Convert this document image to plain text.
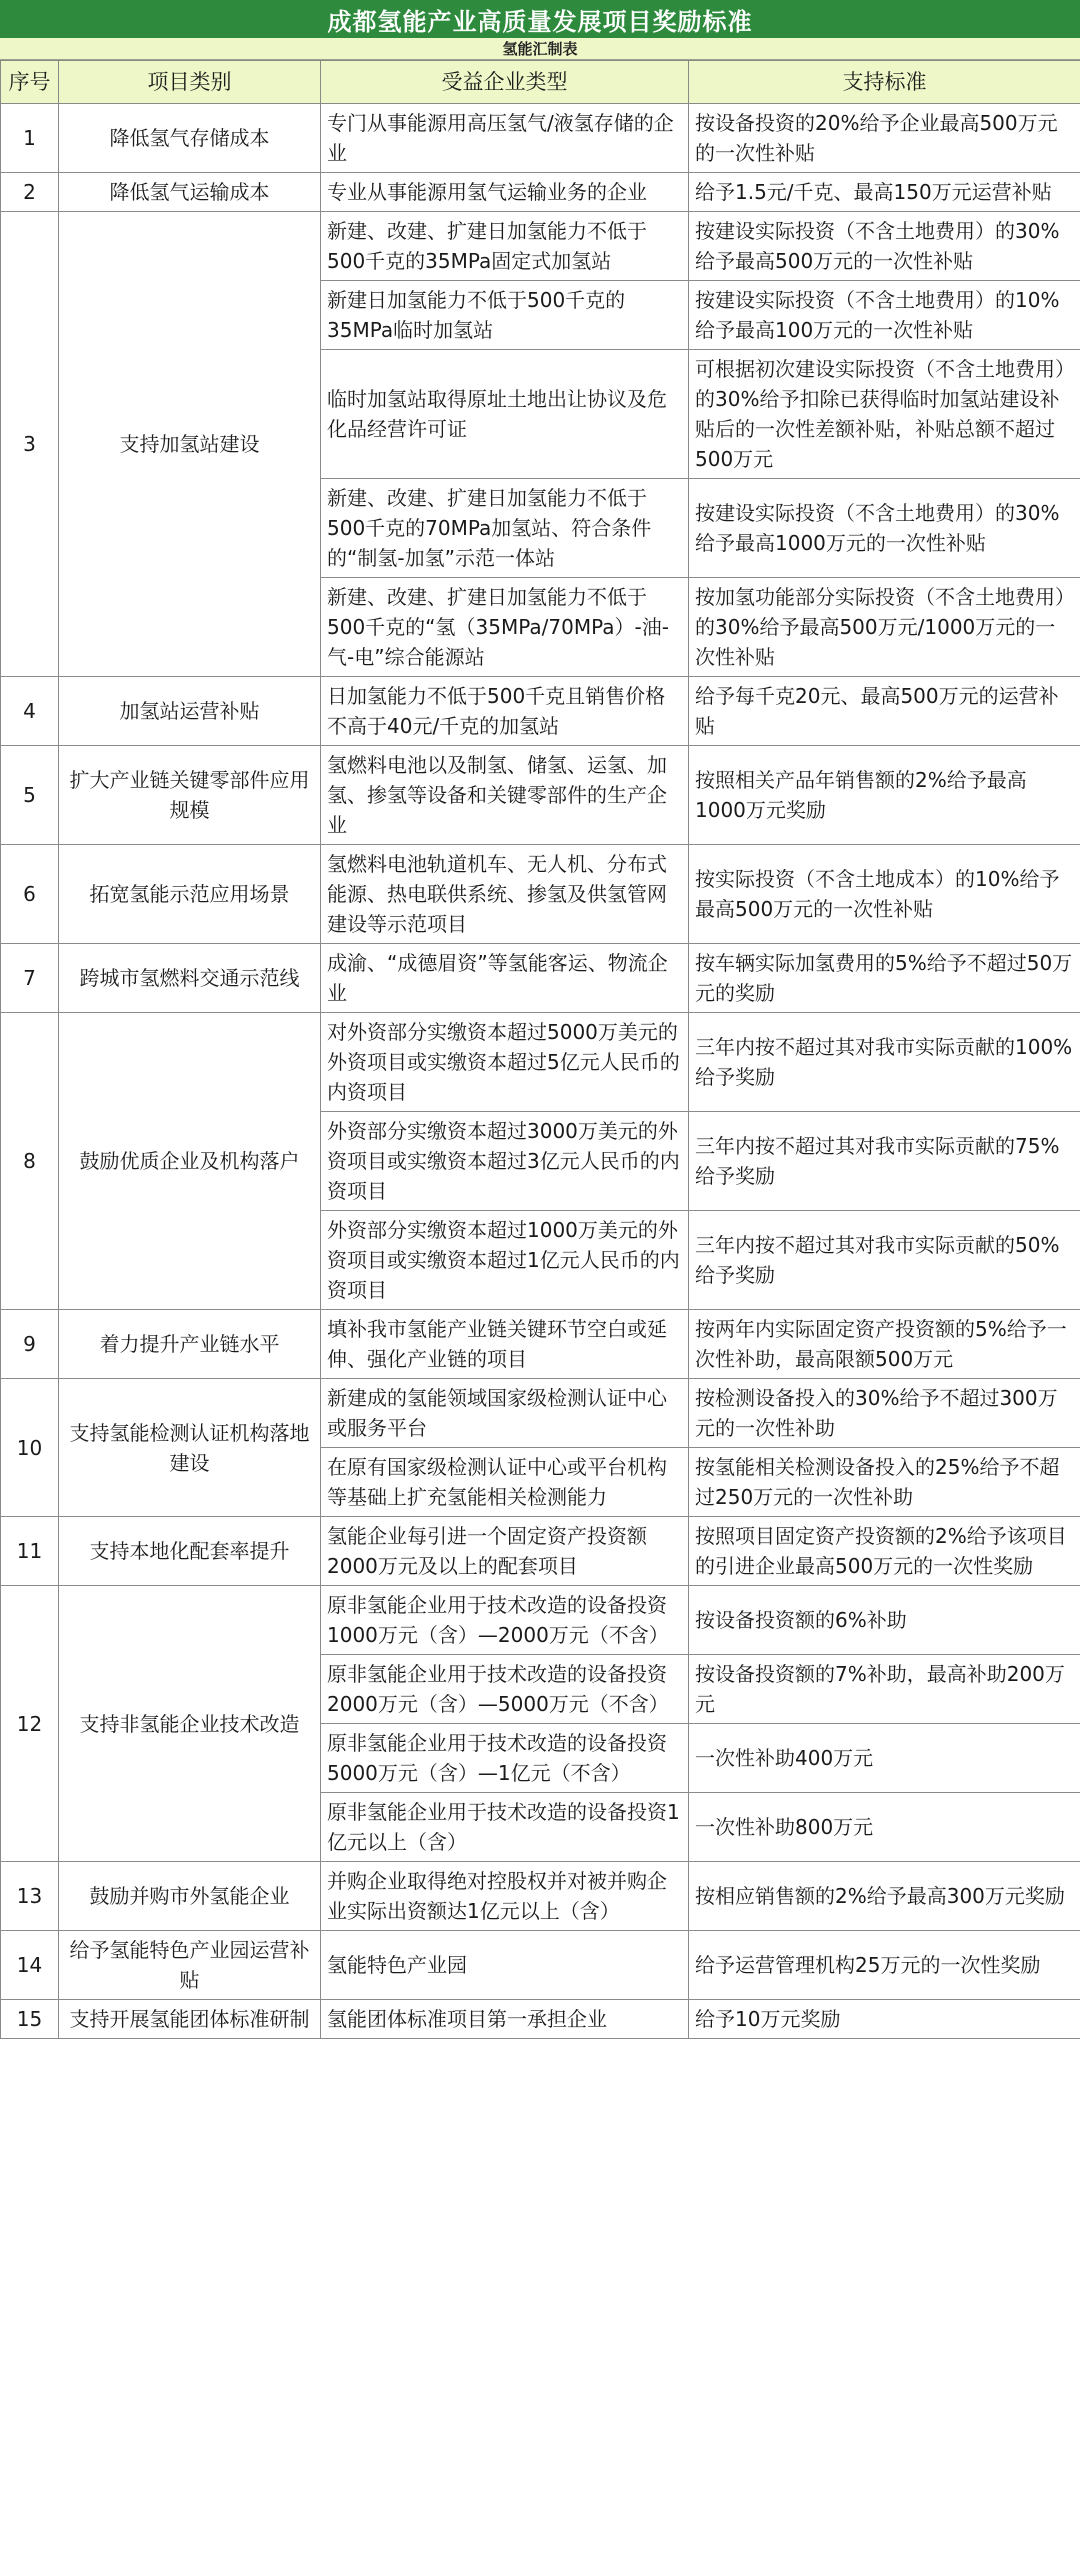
成都氢能产业高质量发展项目奖励标准
氢能汇制表
序号	项目类别	受益企业类型	支持标准
1	降低氢气存储成本	专门从事能源用高压氢气/液氢存储的企业	按设备投资的20%给予企业最高500万元的一次性补贴
2	降低氢气运输成本	专业从事能源用氢气运输业务的企业	给予1.5元/千克、最高150万元运营补贴
3	支持加氢站建设	新建、改建、扩建日加氢能力不低于500千克的35MPa固定式加氢站	按建设实际投资（不含土地费用）的30%给予最高500万元的一次性补贴
		新建日加氢能力不低于500千克的35MPa临时加氢站	按建设实际投资（不含土地费用）的10%给予最高100万元的一次性补贴
		临时加氢站取得原址土地出让协议及危化品经营许可证	可根据初次建设实际投资（不含土地费用）的30%给予扣除已获得临时加氢站建设补贴后的一次性差额补贴，补贴总额不超过500万元
		新建、改建、扩建日加氢能力不低于500千克的70MPa加氢站、符合条件的“制氢-加氢”示范一体站	按建设实际投资（不含土地费用）的30%给予最高1000万元的一次性补贴
		新建、改建、扩建日加氢能力不低于500千克的“氢（35MPa/70MPa）-油-气-电”综合能源站	按加氢功能部分实际投资（不含土地费用）的30%给予最高500万元/1000万元的一次性补贴
4	加氢站运营补贴	日加氢能力不低于500千克且销售价格不高于40元/千克的加氢站	给予每千克20元、最高500万元的运营补贴
5	扩大产业链关键零部件应用规模	氢燃料电池以及制氢、储氢、运氢、加氢、掺氢等设备和关键零部件的生产企业	按照相关产品年销售额的2%给予最高1000万元奖励
6	拓宽氢能示范应用场景	氢燃料电池轨道机车、无人机、分布式能源、热电联供系统、掺氢及供氢管网建设等示范项目	按实际投资（不含土地成本）的10%给予最高500万元的一次性补贴
7	跨城市氢燃料交通示范线	成渝、“成德眉资”等氢能客运、物流企业	按车辆实际加氢费用的5%给予不超过50万元的奖励
8	鼓励优质企业及机构落户	对外资部分实缴资本超过5000万美元的外资项目或实缴资本超过5亿元人民币的内资项目	三年内按不超过其对我市实际贡献的100%给予奖励
		外资部分实缴资本超过3000万美元的外资项目或实缴资本超过3亿元人民币的内资项目	三年内按不超过其对我市实际贡献的75%给予奖励
		外资部分实缴资本超过1000万美元的外资项目或实缴资本超过1亿元人民币的内资项目	三年内按不超过其对我市实际贡献的50%给予奖励
9	着力提升产业链水平	填补我市氢能产业链关键环节空白或延伸、强化产业链的项目	按两年内实际固定资产投资额的5%给予一次性补助，最高限额500万元
10	支持氢能检测认证机构落地建设	新建成的氢能领域国家级检测认证中心或服务平台	按检测设备投入的30%给予不超过300万元的一次性补助
		在原有国家级检测认证中心或平台机构等基础上扩充氢能相关检测能力	按氢能相关检测设备投入的25%给予不超过250万元的一次性补助
11	支持本地化配套率提升	氢能企业每引进一个固定资产投资额2000万元及以上的配套项目	按照项目固定资产投资额的2%给予该项目的引进企业最高500万元的一次性奖励
12	支持非氢能企业技术改造	原非氢能企业用于技术改造的设备投资1000万元（含）—2000万元（不含）	按设备投资额的6%补助
		原非氢能企业用于技术改造的设备投资2000万元（含）—5000万元（不含）	按设备投资额的7%补助，最高补助200万元
		原非氢能企业用于技术改造的设备投资5000万元（含）—1亿元（不含）	一次性补助400万元
		原非氢能企业用于技术改造的设备投资1亿元以上（含）	一次性补助800万元
13	鼓励并购市外氢能企业	并购企业取得绝对控股权并对被并购企业实际出资额达1亿元以上（含）	按相应销售额的2%给予最高300万元奖励
14	给予氢能特色产业园运营补贴	氢能特色产业园	给予运营管理机构25万元的一次性奖励
15	支持开展氢能团体标准研制	氢能团体标准项目第一承担企业	给予10万元奖励
